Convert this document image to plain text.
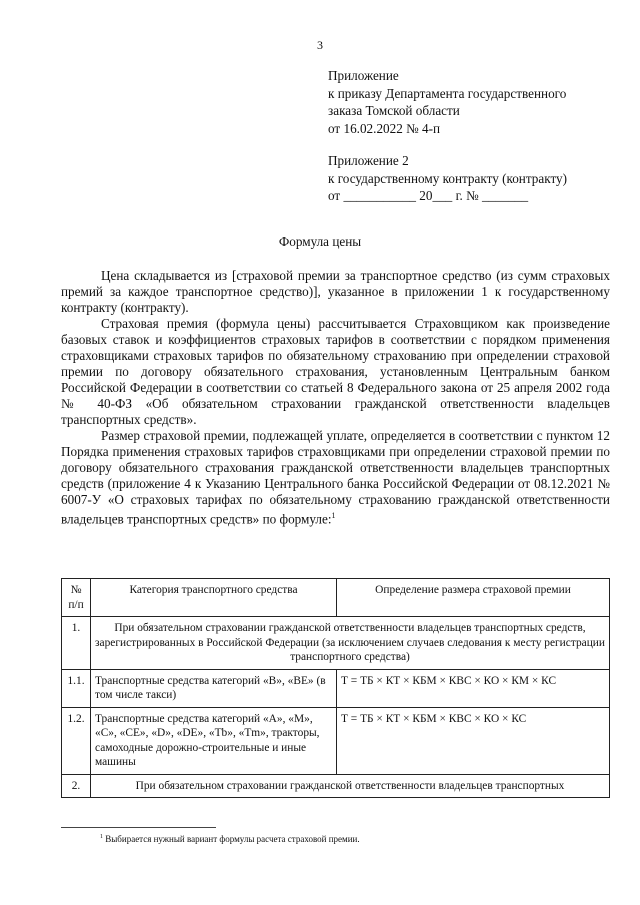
3
Приложение
к приказу Департамента государственного
заказа Томской области
от 16.02.2022 № 4-п
Приложение 2
к государственному контракту (контракту)
от ___________ 20___ г. № _______
Формула цены

Цена складывается из [страховой премии за транспортное средство (из сумм страховых премий за каждое транспортное средство)], указанное в приложении 1 к государственному контракту (контракту).

Страховая премия (формула цены) рассчитывается Страховщиком как произведение базовых ставок и коэффициентов страховых тарифов в соответствии с порядком применения страховщиками страховых тарифов по обязательному страхованию при определении страховой премии по договору обязательного страхования, установленным Центральным банком Российской Федерации в соответствии со статьей 8 Федерального закона от 25 апреля 2002 года № 40-ФЗ «Об обязательном страховании гражданской ответственности владельцев транспортных средств».

Размер страховой премии, подлежащей уплате, определяется в соответствии с пунктом 12 Порядка применения страховых тарифов страховщиками при определении страховой премии по договору обязательного страхования гражданской ответственности владельцев транспортных средств (приложение 4 к Указанию Центрального банка Российской Федерации от 08.12.2021 № 6007-У «О страховых тарифах по обязательному страхованию гражданской ответственности владельцев транспортных средств» по формуле:$^1$

№ п/п	Категория транспортного средства	Определение размера страховой премии
1.	При обязательном страховании гражданской ответственности владельцев транспортных средств, зарегистрированных в Российской Федерации (за исключением случаев следования к месту регистрации транспортного средства)	
1.1.	Транспортные средства категорий «В», «ВЕ» (в том числе такси)	Т = ТБ × КТ × КБМ × КВС × КО × КМ × КС
1.2.	Транспортные средства категорий «А», «М», «С», «СЕ», «D», «DE», «Тb», «Тm», тракторы, самоходные дорожно-строительные и иные машины	Т = ТБ × КТ × КБМ × КВС × КО × КС
2.	При обязательном страховании гражданской ответственности владельцев транспортных	
$^1$ Выбирается нужный вариант формулы расчета страховой премии.
